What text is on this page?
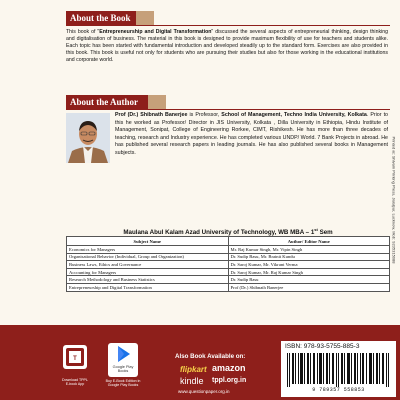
Printed at: Shivam Printing Press, Jalalpur, Lucknow, Mob: 9235315088
About the Book
This book of "Entrepreneurship and Digital Transformation" discussed the several aspects of entrepreneurial thinking, design thinking and digitalisation of business. The material in this book is designed to provide maximum flexibility of use for teachers and students alike. Each topic has been started with fundamental introduction and developed steadily up to the standard form. Exercises are also provided in this book. This book is useful not only for students who are pursuing their studies but also for those working in the educational institutions and corporate world.
About the Author
Prof (Dr.) Shibnath Banerjee is Professor, School of Management, Techno India University, Kolkata. Prior to this he worked as Professor/ Director in JIS University, Kolkata , Dilla University in Ethiopia, Hindu Institute of Management, Sonipat, College of Engineering Rorkee, CIMT, Rishikesh. He has more than three decades of teaching, research and Industry experience. He has completed various UNDP/ World. 7 Bank Projects in abroad. He has published several research papers in leading journals. He has also published several books in Management subjects.
Maulana Abul Kalam Azad University of Technology, WB MBA – 1st Sem
Subject Name	Author/ Editor Name
Economics for Managers	Mr. Raj Kumar Singh, Mr. Vipin Singh
Organisational Behavior (Individual, Group and Organization)	Dr. Sudip Basu, Mr. Brainit Kundu
Business Laws, Ethics and Governance	Dr. Saroj Kumar, Mr. Vikrant Verma
Accounting for Managers	Dr. Saroj Kumar, Mr. Raj Kumar Singh
Research Methodology and Business Statistics	Dr. Sudip Basu
Entrepreneurship and Digital Transformation	Prof (Dr.) Shibnath Banerjee
T
Download TPPL
E-book App
Google Play
Books
Buy E-Book Edition in
Google Play Books
Also Book Available on:
flipkart amazon
kindle tppl.org.in
www.questionpaper.org.in
ISBN: 978-93-5755-885-3
9 789357 558853
